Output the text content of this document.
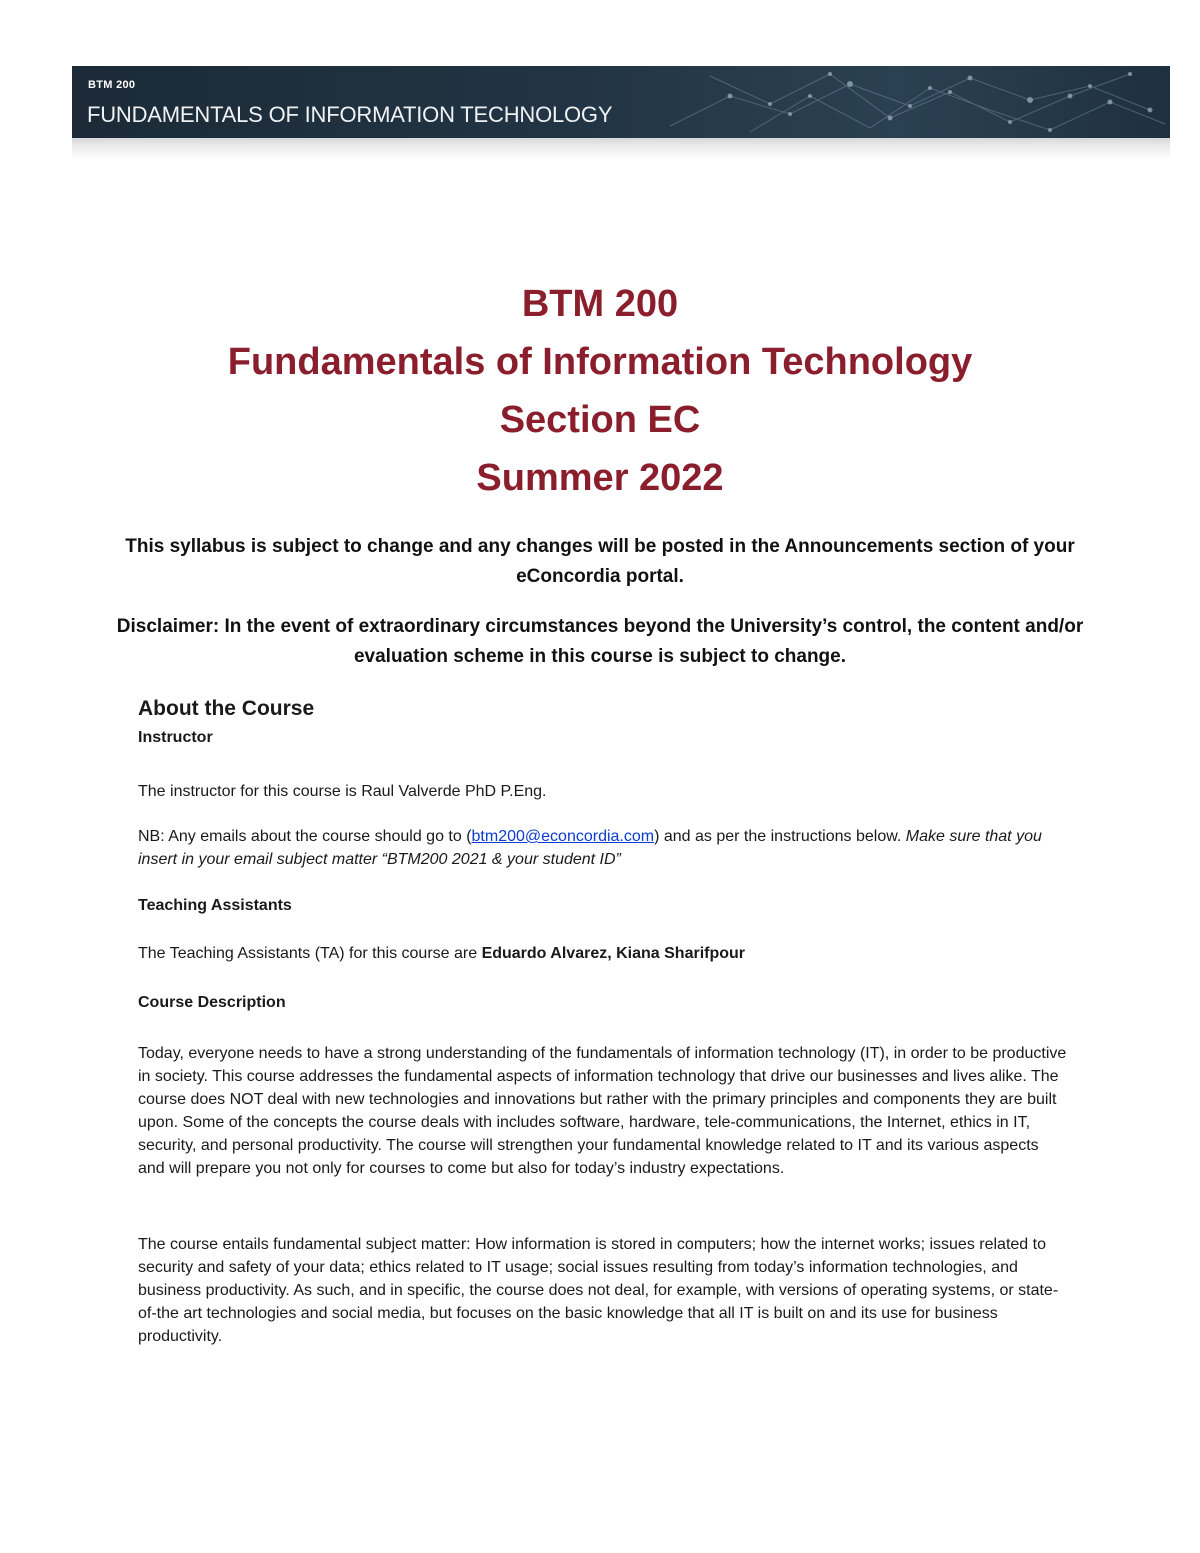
BTM 200
FUNDAMENTALS OF INFORMATION TECHNOLOGY
BTM 200
Fundamentals of Information Technology
Section EC
Summer 2022
This syllabus is subject to change and any changes will be posted in the Announcements section of your eConcordia portal.
Disclaimer: In the event of extraordinary circumstances beyond the University’s control, the content and/or evaluation scheme in this course is subject to change.
About the Course
Instructor

The instructor for this course is Raul Valverde PhD P.Eng.

NB: Any emails about the course should go to (btm200@econcordia.com) and as per the instructions below. Make sure that you insert in your email subject matter “BTM200 2021 & your student ID”

Teaching Assistants

The Teaching Assistants (TA) for this course are Eduardo Alvarez, Kiana Sharifpour

Course Description

Today, everyone needs to have a strong understanding of the fundamentals of information technology (IT), in order to be productive in society. This course addresses the fundamental aspects of information technology that drive our businesses and lives alike. The course does NOT deal with new technologies and innovations but rather with the primary principles and components they are built upon. Some of the concepts the course deals with includes software, hardware, tele-communications, the Internet, ethics in IT, security, and personal productivity. The course will strengthen your fundamental knowledge related to IT and its various aspects and will prepare you not only for courses to come but also for today’s industry expectations.

The course entails fundamental subject matter: How information is stored in computers; how the internet works; issues related to security and safety of your data; ethics related to IT usage; social issues resulting from today’s information technologies, and business productivity. As such, and in specific, the course does not deal, for example, with versions of operating systems, or state-of-the art technologies and social media, but focuses on the basic knowledge that all IT is built on and its use for business productivity.
